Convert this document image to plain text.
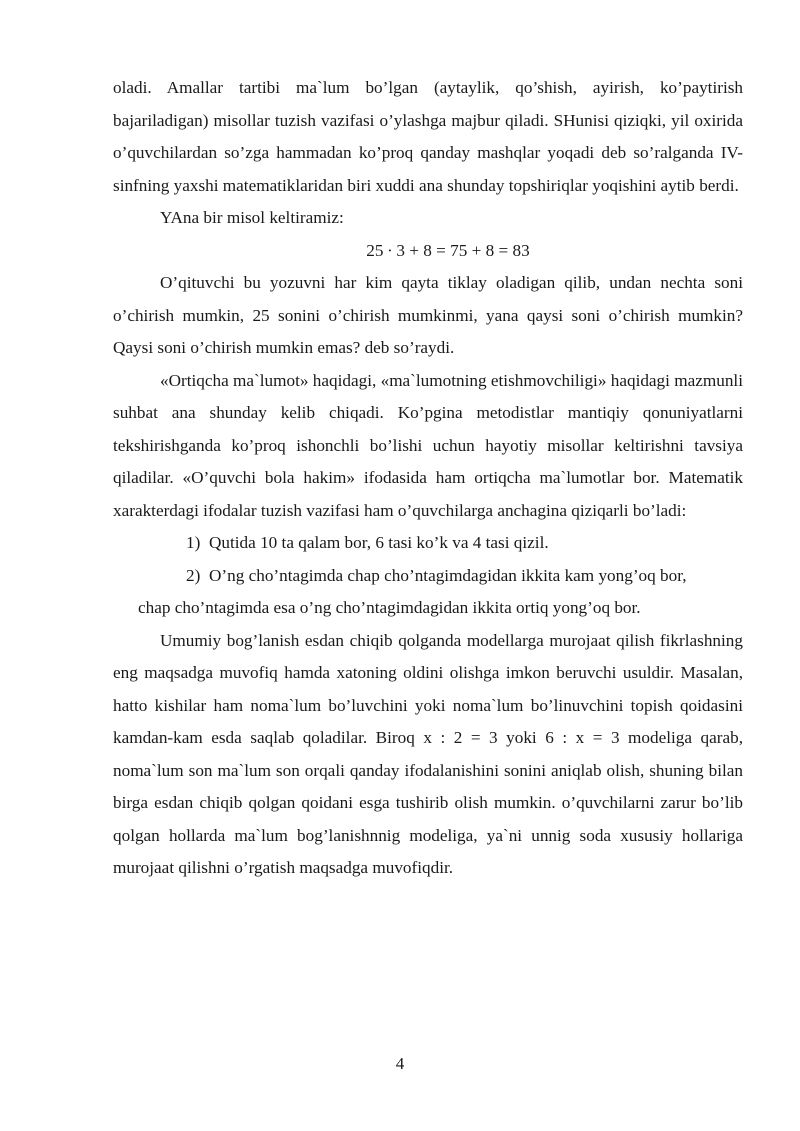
oladi. Amallar tartibi ma`lum bo’lgan (aytaylik, qo’shish, ayirish, ko’paytirish bajariladigan) misollar tuzish vazifasi o’ylashga majbur qiladi. SHunisi qiziqki, yil oxirida o’quvchilardan so’zga hammadan ko’proq qanday mashqlar yoqadi deb so’ralganda IV-sinfning yaxshi matematiklaridan biri xuddi ana shunday topshiriqlar yoqishini aytib berdi.

YAna bir misol keltiramiz:

25 ∙ 3 + 8 = 75 + 8 = 83

O’qituvchi bu yozuvni har kim qayta tiklay oladigan qilib, undan nechta soni o’chirish mumkin, 25 sonini o’chirish mumkinmi, yana qaysi soni o’chirish mumkin? Qaysi soni o’chirish mumkin emas? deb so’raydi.

«Ortiqcha ma`lumot» haqidagi, «ma`lumotning etishmovchiligi» haqidagi mazmunli suhbat ana shunday kelib chiqadi. Ko’pgina metodistlar mantiqiy qonuniyatlarni tekshirishganda ko’proq ishonchli bo’lishi uchun hayotiy misollar keltirishni tavsiya qiladilar. «O’quvchi bola hakim» ifodasida ham ortiqcha ma`lumotlar bor. Matematik xarakterdagi ifodalar tuzish vazifasi ham o’quvchilarga anchagina qiziqarli bo’ladi:

1) Qutida 10 ta qalam bor, 6 tasi ko’k va 4 tasi qizil.

2) O’ng cho’ntagimda chap cho’ntagimdagidan ikkita kam yong’oq bor,

chap cho’ntagimda esa o’ng cho’ntagimdagidan ikkita ortiq yong’oq bor.

Umumiy bog’lanish esdan chiqib qolganda modellarga murojaat qilish fikrlashning eng maqsadga muvofiq hamda xatoning oldini olishga imkon beruvchi usuldir. Masalan, hatto kishilar ham noma`lum bo’luvchini yoki noma`lum bo’linuvchini topish qoidasini kamdan-kam esda saqlab qoladilar. Biroq x : 2 = 3 yoki 6 : x = 3 modeliga qarab, noma`lum son ma`lum son orqali qanday ifodalanishini sonini aniqlab olish, shuning bilan birga esdan chiqib qolgan qoidani esga tushirib olish mumkin. o’quvchilarni zarur bo’lib qolgan hollarda ma`lum bog’lanishnnig modeliga, ya`ni unnig soda xususiy hollariga murojaat qilishni o’rgatish maqsadga muvofiqdir.

4
